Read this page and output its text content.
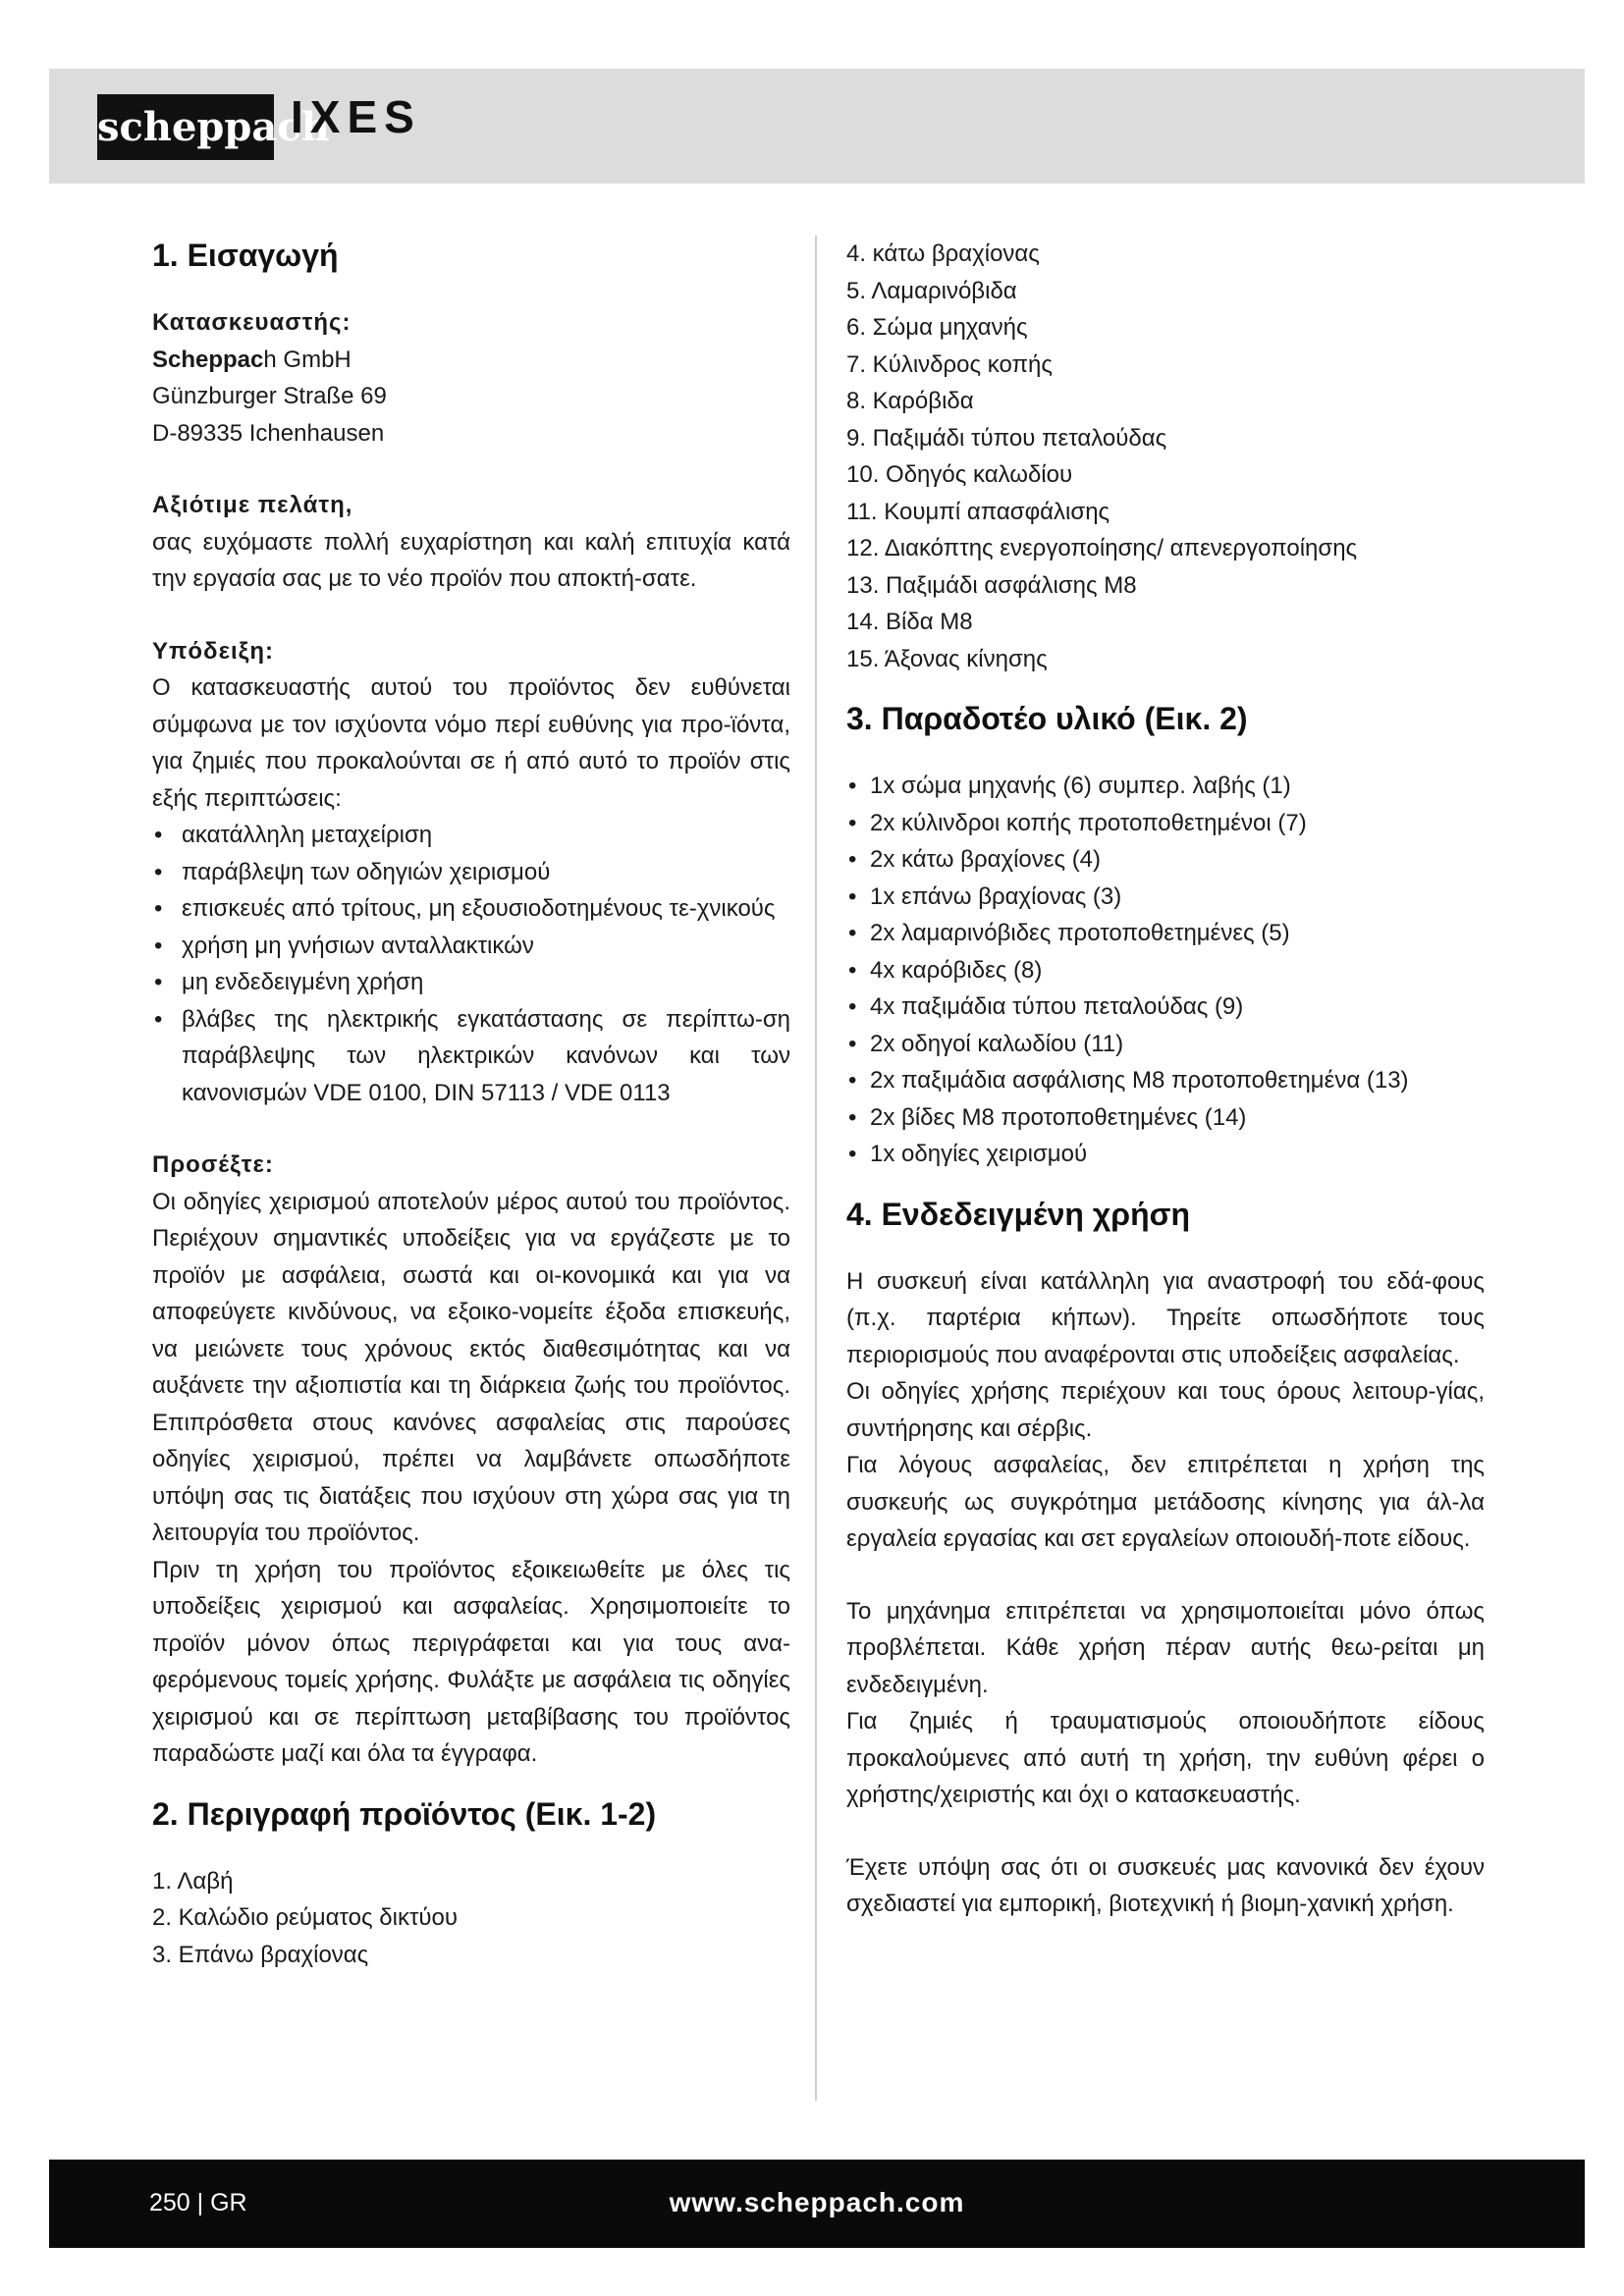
scheppach
IXES
1. Εισαγωγή
Κατασκευαστής:
Scheppach GmbH
Günzburger Straße 69
D-89335 Ichenhausen
Αξιότιμε πελάτη,

σας ευχόμαστε πολλή ευχαρίστηση και καλή επιτυχία κατά την εργασία σας με το νέο προϊόν που αποκτή-σατε.

Υπόδειξη:

Ο κατασκευαστής αυτού του προϊόντος δεν ευθύνεται σύμφωνα με τον ισχύοντα νόμο περί ευθύνης για προ-ϊόντα, για ζημιές που προκαλούνται σε ή από αυτό το προϊόν στις εξής περιπτώσεις:

• ακατάλληλη μεταχείριση
• παράβλεψη των οδηγιών χειρισμού
• επισκευές από τρίτους, μη εξουσιοδοτημένους τε-χνικούς
• χρήση μη γνήσιων ανταλλακτικών
• μη ενδεδειγμένη χρήση
• βλάβες της ηλεκτρικής εγκατάστασης σε περίπτω-ση παράβλεψης των ηλεκτρικών κανόνων και των κανονισμών VDE 0100, DIN 57113 / VDE 0113
Προσέξτε:

Οι οδηγίες χειρισμού αποτελούν μέρος αυτού του προϊόντος. Περιέχουν σημαντικές υποδείξεις για να εργάζεστε με το προϊόν με ασφάλεια, σωστά και οι-κονομικά και για να αποφεύγετε κινδύνους, να εξοικο-νομείτε έξοδα επισκευής, να μειώνετε τους χρόνους εκτός διαθεσιμότητας και να αυξάνετε την αξιοπιστία και τη διάρκεια ζωής του προϊόντος. Επιπρόσθετα στους κανόνες ασφαλείας στις παρούσες οδηγίες χειρισμού, πρέπει να λαμβάνετε οπωσδήποτε υπόψη σας τις διατάξεις που ισχύουν στη χώρα σας για τη λειτουργία του προϊόντος.

Πριν τη χρήση του προϊόντος εξοικειωθείτε με όλες τις υποδείξεις χειρισμού και ασφαλείας. Χρησιμοποιείτε το προϊόν μόνον όπως περιγράφεται και για τους ανα-φερόμενους τομείς χρήσης. Φυλάξτε με ασφάλεια τις οδηγίες χειρισμού και σε περίπτωση μεταβίβασης του προϊόντος παραδώστε μαζί και όλα τα έγγραφα.

2. Περιγραφή προϊόντος (Εικ. 1-2)
1. Λαβή
2. Καλώδιο ρεύματος δικτύου
3. Επάνω βραχίονας
4. κάτω βραχίονας
5. Λαμαρινόβιδα
6. Σώμα μηχανής
7. Κύλινδρος κοπής
8. Καρόβιδα
9. Παξιμάδι τύπου πεταλούδας
10. Οδηγός καλωδίου
11. Κουμπί απασφάλισης
12. Διακόπτης ενεργοποίησης/ απενεργοποίησης
13. Παξιμάδι ασφάλισης M8
14. Βίδα M8
15. Άξονας κίνησης
3. Παραδοτέο υλικό (Εικ. 2)
• 1x σώμα μηχανής (6) συμπερ. λαβής (1)
• 2x κύλινδροι κοπής προτοποθετημένοι (7)
• 2x κάτω βραχίονες (4)
• 1x επάνω βραχίονας (3)
• 2x λαμαρινόβιδες προτοποθετημένες (5)
• 4x καρόβιδες (8)
• 4x παξιμάδια τύπου πεταλούδας (9)
• 2x οδηγοί καλωδίου (11)
• 2x παξιμάδια ασφάλισης M8 προτοποθετημένα (13)
• 2x βίδες M8 προτοποθετημένες (14)
• 1x οδηγίες χειρισμού
4. Ενδεδειγμένη χρήση

Η συσκευή είναι κατάλληλη για αναστροφή του εδά-φους (π.χ. παρτέρια κήπων). Τηρείτε οπωσδήποτε τους περιορισμούς που αναφέρονται στις υποδείξεις ασφαλείας.

Οι οδηγίες χρήσης περιέχουν και τους όρους λειτουρ-γίας, συντήρησης και σέρβις.

Για λόγους ασφαλείας, δεν επιτρέπεται η χρήση της συσκευής ως συγκρότημα μετάδοσης κίνησης για άλ-λα εργαλεία εργασίας και σετ εργαλείων οποιουδή-ποτε είδους.

Το μηχάνημα επιτρέπεται να χρησιμοποιείται μόνο όπως προβλέπεται. Κάθε χρήση πέραν αυτής θεω-ρείται μη ενδεδειγμένη.

Για ζημιές ή τραυματισμούς οποιουδήποτε είδους προκαλούμενες από αυτή τη χρήση, την ευθύνη φέρει ο χρήστης/χειριστής και όχι ο κατασκευαστής.

Έχετε υπόψη σας ότι οι συσκευές μας κανονικά δεν έχουν σχεδιαστεί για εμπορική, βιοτεχνική ή βιομη-χανική χρήση.

250 | GR	www.scheppach.com
